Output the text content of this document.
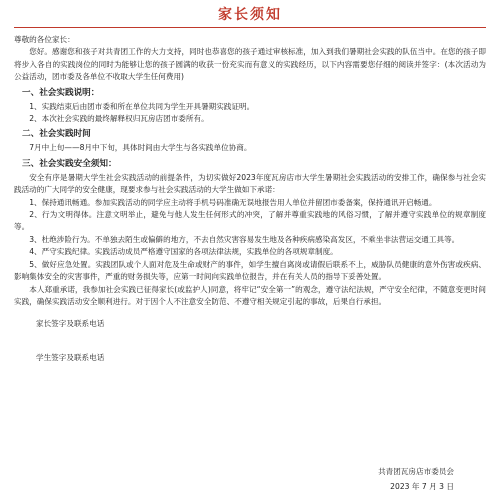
家长须知

尊敬的各位家长：

您好。感谢您和孩子对共青团工作的大力支持，同时也恭喜您的孩子通过审核标准，加入到我们暑期社会实践的队伍当中。在您的孩子即将步入各自的实践岗位的同时为能够让您的孩子圆满的收获一份充实而有意义的实践经历，以下内容需要您仔细的阅读并签字：(本次活动为公益活动，团市委及各单位不收取大学生任何费用)

一、社会实践说明：

1、实践结束后由团市委和所在单位共同为学生开具暑期实践证明。

2、本次社会实践的最终解释权归瓦房店团市委所有。

二、社会实践时间

7月中上旬——8月中下旬，具体时间由大学生与各实践单位协商。

三、社会实践安全须知：

安全有序是暑期大学生社会实践活动的前提条件，为切实做好2023年度瓦房店市大学生暑期社会实践活动的安排工作，确保参与社会实践活动的广大同学的安全健康，现要求参与社会实践活动的大学生做如下承诺：

1、保持通讯畅通。参加实践活动的同学应主动将手机号码准确无误地报告用人单位并留团市委备案，保持通讯开启畅通。

2、行为文明得体。注意文明举止，避免与他人发生任何形式的冲突，了解并尊重实践地的风俗习惯，了解并遵守实践单位的规章制度等。

3、杜绝涉险行为。不单独去陌生或偏僻的地方，不去自然灾害容易发生地及各种疾病感染高发区，不乘坐非法营运交通工具等。

4、严守实践纪律。实践活动成员严格遵守国家的各项法律法规，实践单位的各项规章制度。

5、做好应急处置。实践团队或个人面对危及生命或财产的事件，如学生擅自离岗或请假后联系不上，威胁队员健康的意外伤害或疾病、影响集体安全的灾害事件，严重的财务损失等，应第一时间向实践单位报告，并在有关人员的指导下妥善处置。

本人郑重承诺，我参加社会实践已征得家长(或监护人)同意，将牢记“安全第一”的观念，遵守法纪法规，严守安全纪律，不随意变更时间实践，确保实践活动安全顺利进行。对于因个人不注意安全防范、不遵守相关规定引起的事故，后果自行承担。

家长签字及联系电话

学生签字及联系电话

共青团瓦房店市委员会
2023 年 7 月 3 日
